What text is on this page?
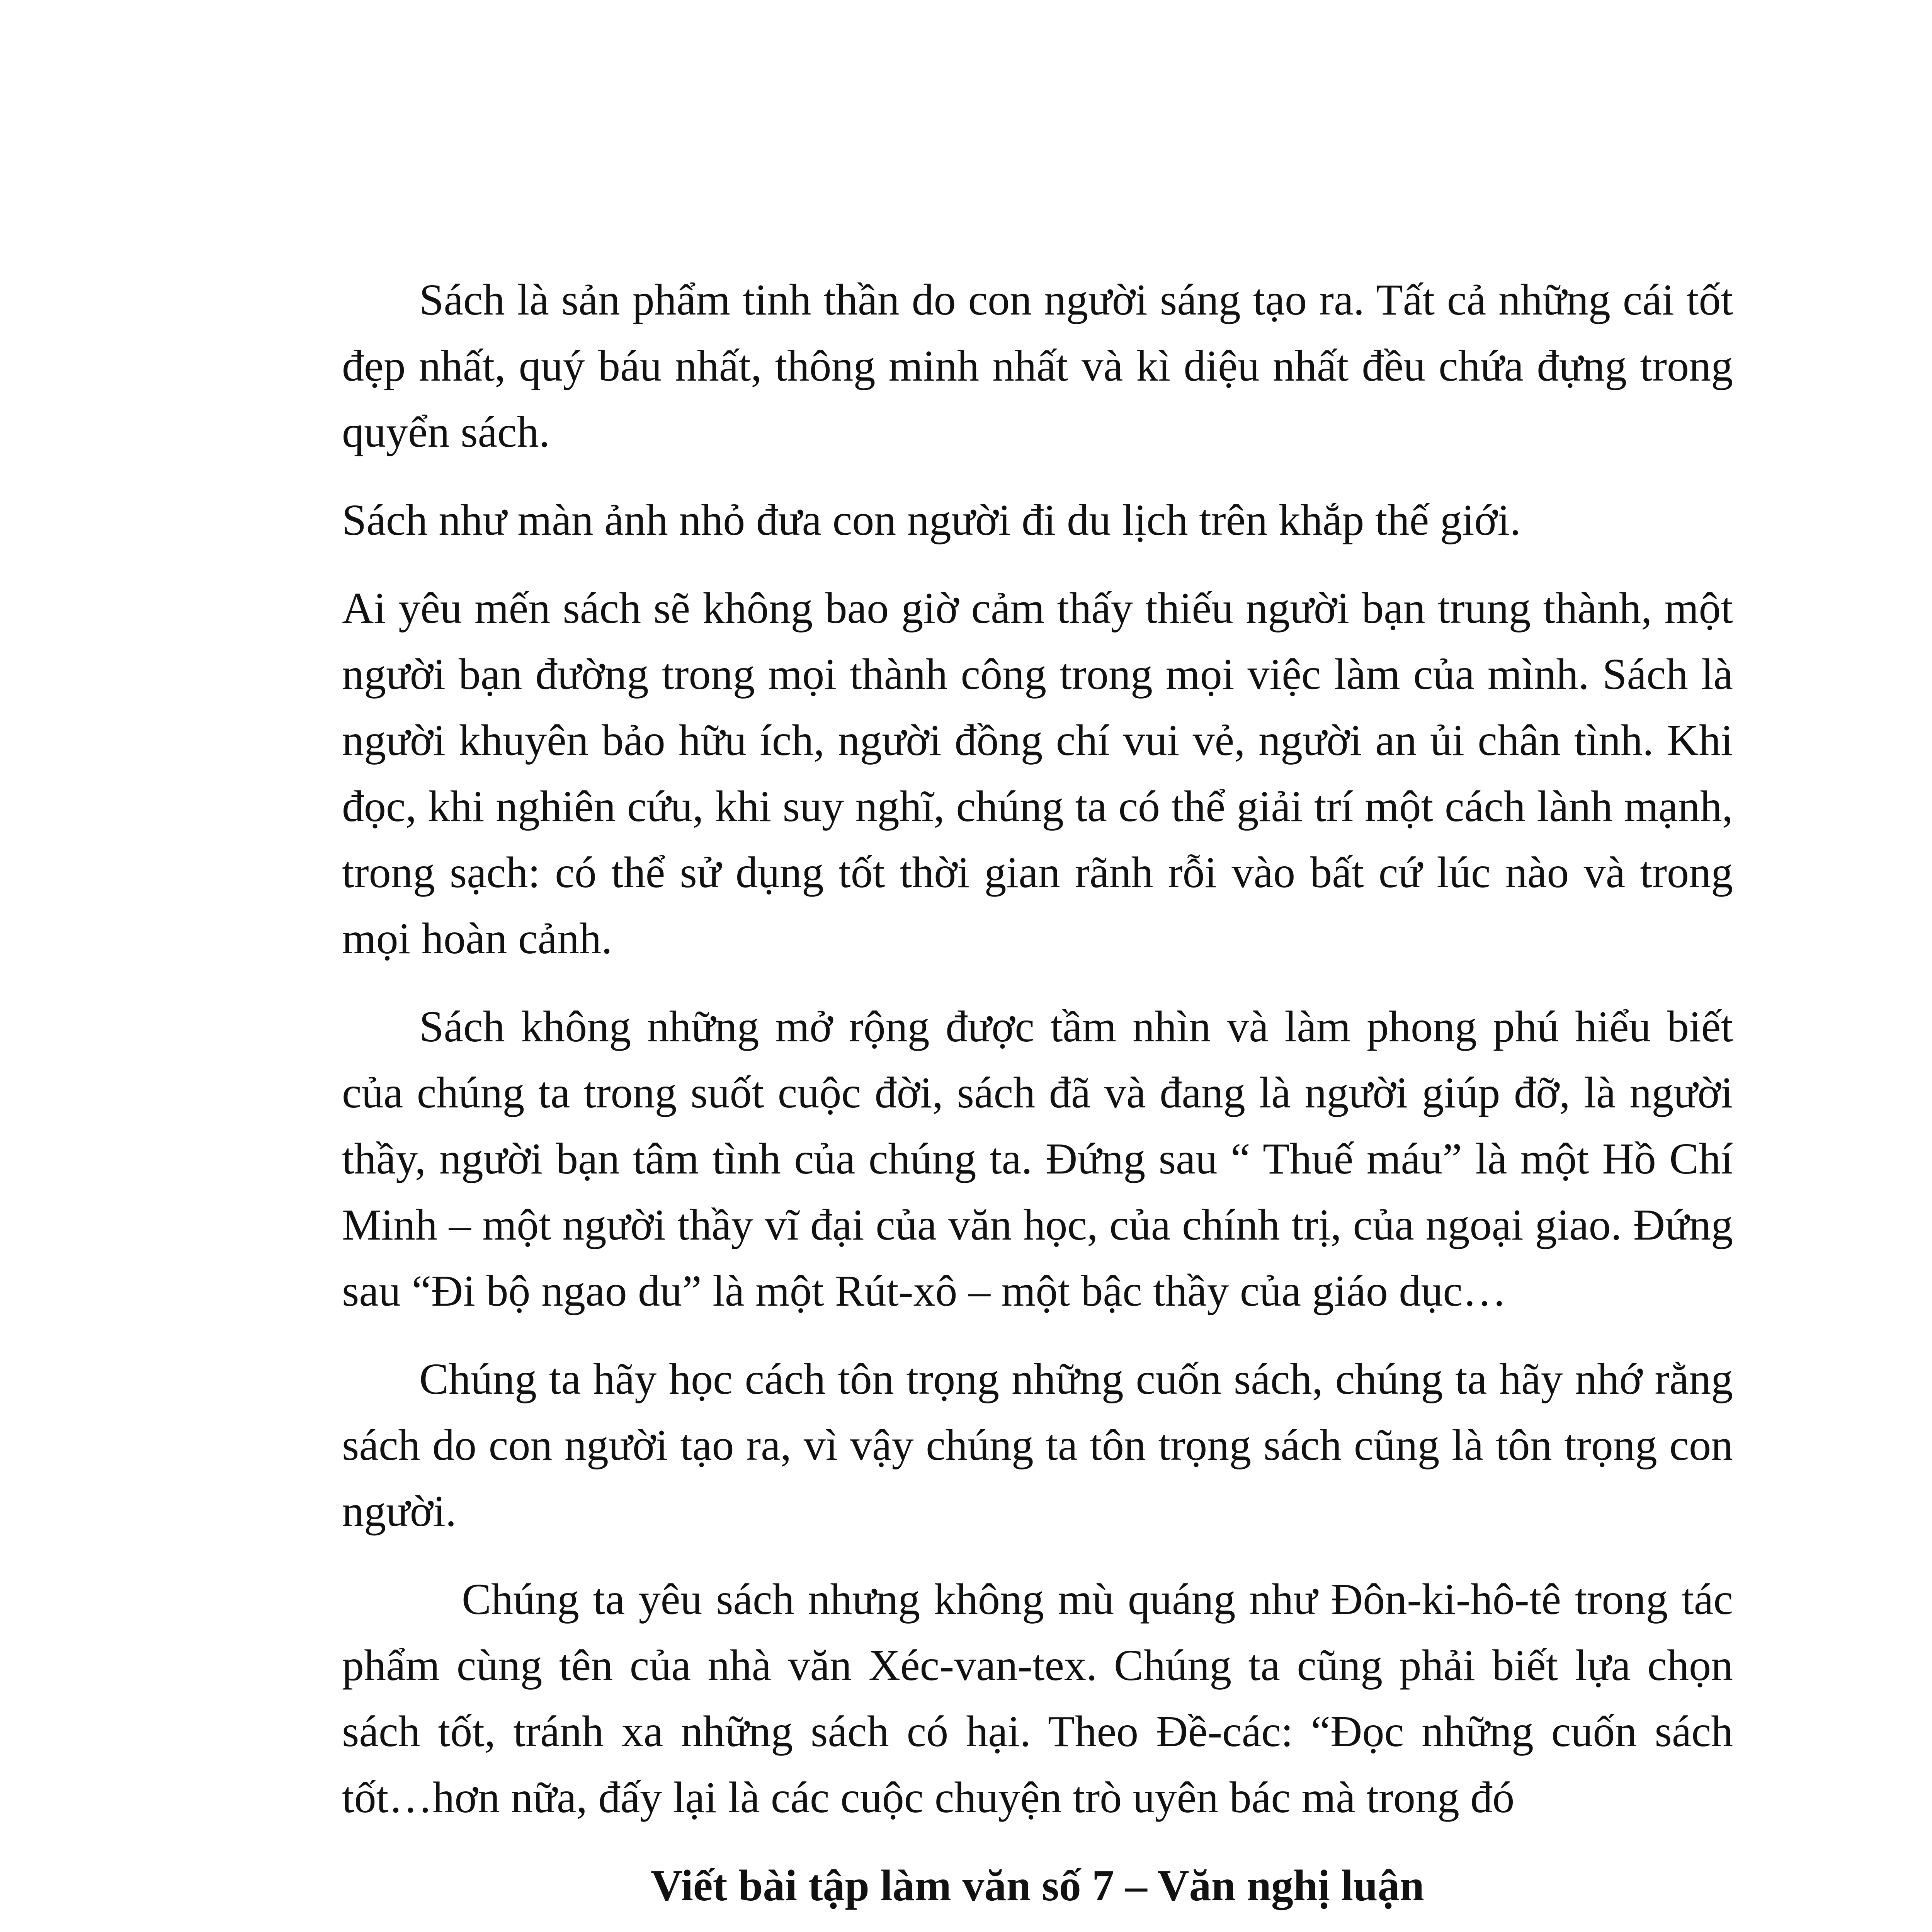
Sách là sản phẩm tinh thần do con người sáng tạo ra. Tất cả những cái tốt đẹp nhất, quý báu nhất, thông minh nhất và kì diệu nhất đều chứa đựng trong quyển sách.

Sách như màn ảnh nhỏ đưa con người đi du lịch trên khắp thế giới.

Ai yêu mến sách sẽ không bao giờ cảm thấy thiếu người bạn trung thành, một người bạn đường trong mọi thành công trong mọi việc làm của mình. Sách là người khuyên bảo hữu ích, người đồng chí vui vẻ, người an ủi chân tình. Khi đọc, khi nghiên cứu, khi suy nghĩ, chúng ta có thể giải trí một cách lành mạnh, trong sạch: có thể sử dụng tốt thời gian rãnh rỗi vào bất cứ lúc nào và trong mọi hoàn cảnh.

Sách không những mở rộng được tầm nhìn và làm phong phú hiểu biết của chúng ta trong suốt cuộc đời, sách đã và đang là người giúp đỡ, là người thầy, người bạn tâm tình của chúng ta. Đứng sau “ Thuế máu” là một Hồ Chí Minh – một người thầy vĩ đại của văn học, của chính trị, của ngoại giao. Đứng sau “Đi bộ ngao du” là một Rút-xô – một bậc thầy của giáo dục…

Chúng ta hãy học cách tôn trọng những cuốn sách, chúng ta hãy nhớ rằng sách do con người tạo ra, vì vậy chúng ta tôn trọng sách cũng là tôn trọng con người.

Chúng ta yêu sách nhưng không mù quáng như Đôn-ki-hô-tê trong tác phẩm cùng tên của nhà văn Xéc-van-tex. Chúng ta cũng phải biết lựa chọn sách tốt, tránh xa những sách có hại. Theo Đề-các: “Đọc những cuốn sách tốt…hơn nữa, đấy lại là các cuộc chuyện trò uyên bác mà trong đó

Viết bài tập làm văn số 7 – Văn nghị luận
